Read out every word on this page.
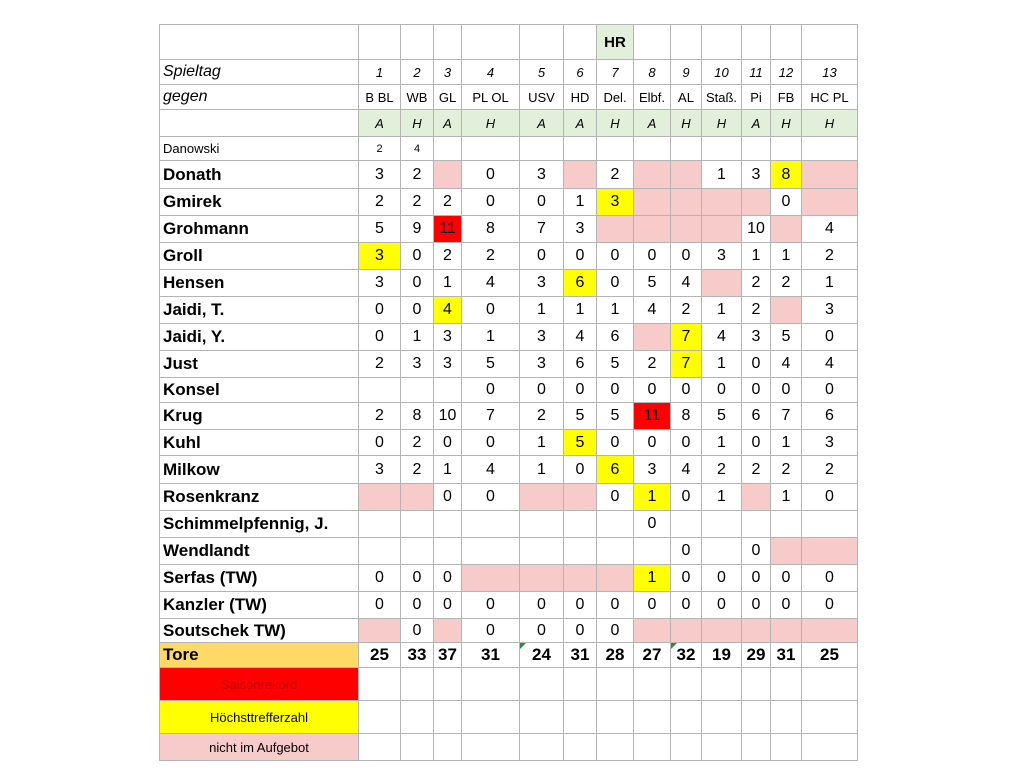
							HR						
Spieltag	1	2	3	4	5	6	7	8	9	10	11	12	13
gegen	B BL	WB	GL	PL OL	USV	HD	Del.	Elbf.	AL	Staß.	Pi	FB	HC PL
	A	H	A	H	A	A	H	A	H	H	A	H	H
Danowski	2	4											
Donath	3	2		0	3		2			1	3	8	
Gmirek	2	2	2	0	0	1	3					0	
Grohmann	5	9	11	8	7	3					10		4
Groll	3	0	2	2	0	0	0	0	0	3	1	1	2
Hensen	3	0	1	4	3	6	0	5	4		2	2	1
Jaidi, T.	0	0	4	0	1	1	1	4	2	1	2		3
Jaidi, Y.	0	1	3	1	3	4	6		7	4	3	5	0
Just	2	3	3	5	3	6	5	2	7	1	0	4	4
Konsel				0	0	0	0	0	0	0	0	0	0
Krug	2	8	10	7	2	5	5	11	8	5	6	7	6
Kuhl	0	2	0	0	1	5	0	0	0	1	0	1	3
Milkow	3	2	1	4	1	0	6	3	4	2	2	2	2
Rosenkranz			0	0			0	1	0	1		1	0
Schimmelpfennig, J.								0					
Wendlandt									0		0		
Serfas (TW)	0	0	0					1	0	0	0	0	0
Kanzler (TW)	0	0	0	0	0	0	0	0	0	0	0	0	0
Soutschek TW)		0		0	0	0	0						
Tore	25	33	37	31	24	31	28	27	32	19	29	31	25
Saisonrekord													
Höchsttrefferzahl													
nicht im Aufgebot													
